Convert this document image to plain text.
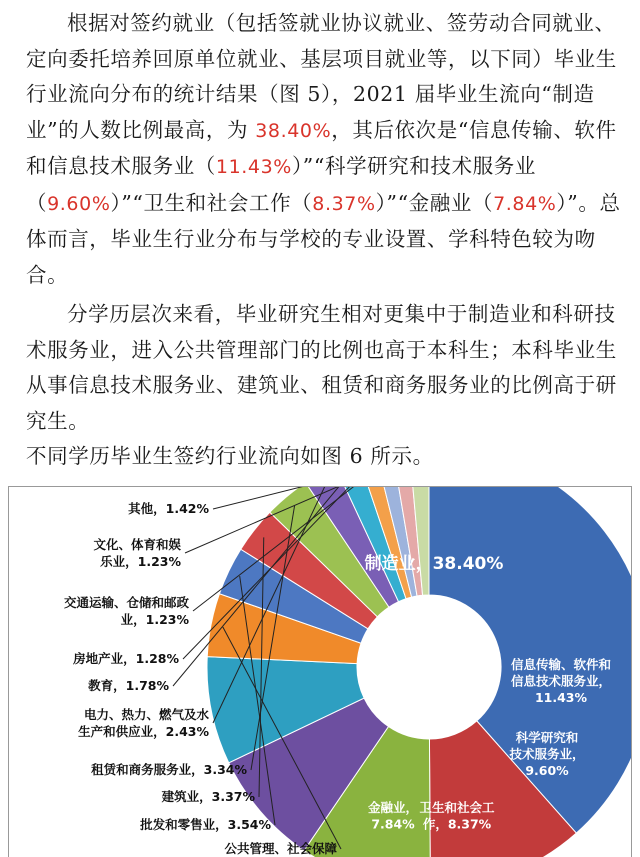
根据对签约就业（包括签就业协议就业、签劳动合同就业、定向委托培养回原单位就业、基层项目就业等，以下同）毕业生行业流向分布的统计结果（图 5），2021 届毕业生流向“制造业”的人数比例最高，为 38.40%，其后依次是“信息传输、软件和信息技术服务业（11.43%）”“科学研究和技术服务业（9.60%）”“卫生和社会工作（8.37%）”“金融业（7.84%）”。总体而言，毕业生行业分布与学校的专业设置、学科特色较为吻合。

分学历层次来看，毕业研究生相对更集中于制造业和科研技术服务业，进入公共管理部门的比例也高于本科生；本科毕业生从事信息技术服务业、建筑业、租赁和商务服务业的比例高于研究生。

不同学历毕业生签约行业流向如图 6 所示。

制造业，38.40%
信息传输、软件和信息技术服务业， 11.43%
科学研究和技术服务业， 9.60%
卫生和社会工作，8.37%
金融业， 7.84%
其他，1.42%
文化、体育和娱乐业，1.23%
交通运输、仓储和邮政业，1.23%
房地产业，1.28%
教育，1.78%
电力、热力、燃气及水生产和供应业，2.43%
租赁和商务服务业，3.34%
建筑业，3.37%
批发和零售业，3.54%
公共管理、社会保障
